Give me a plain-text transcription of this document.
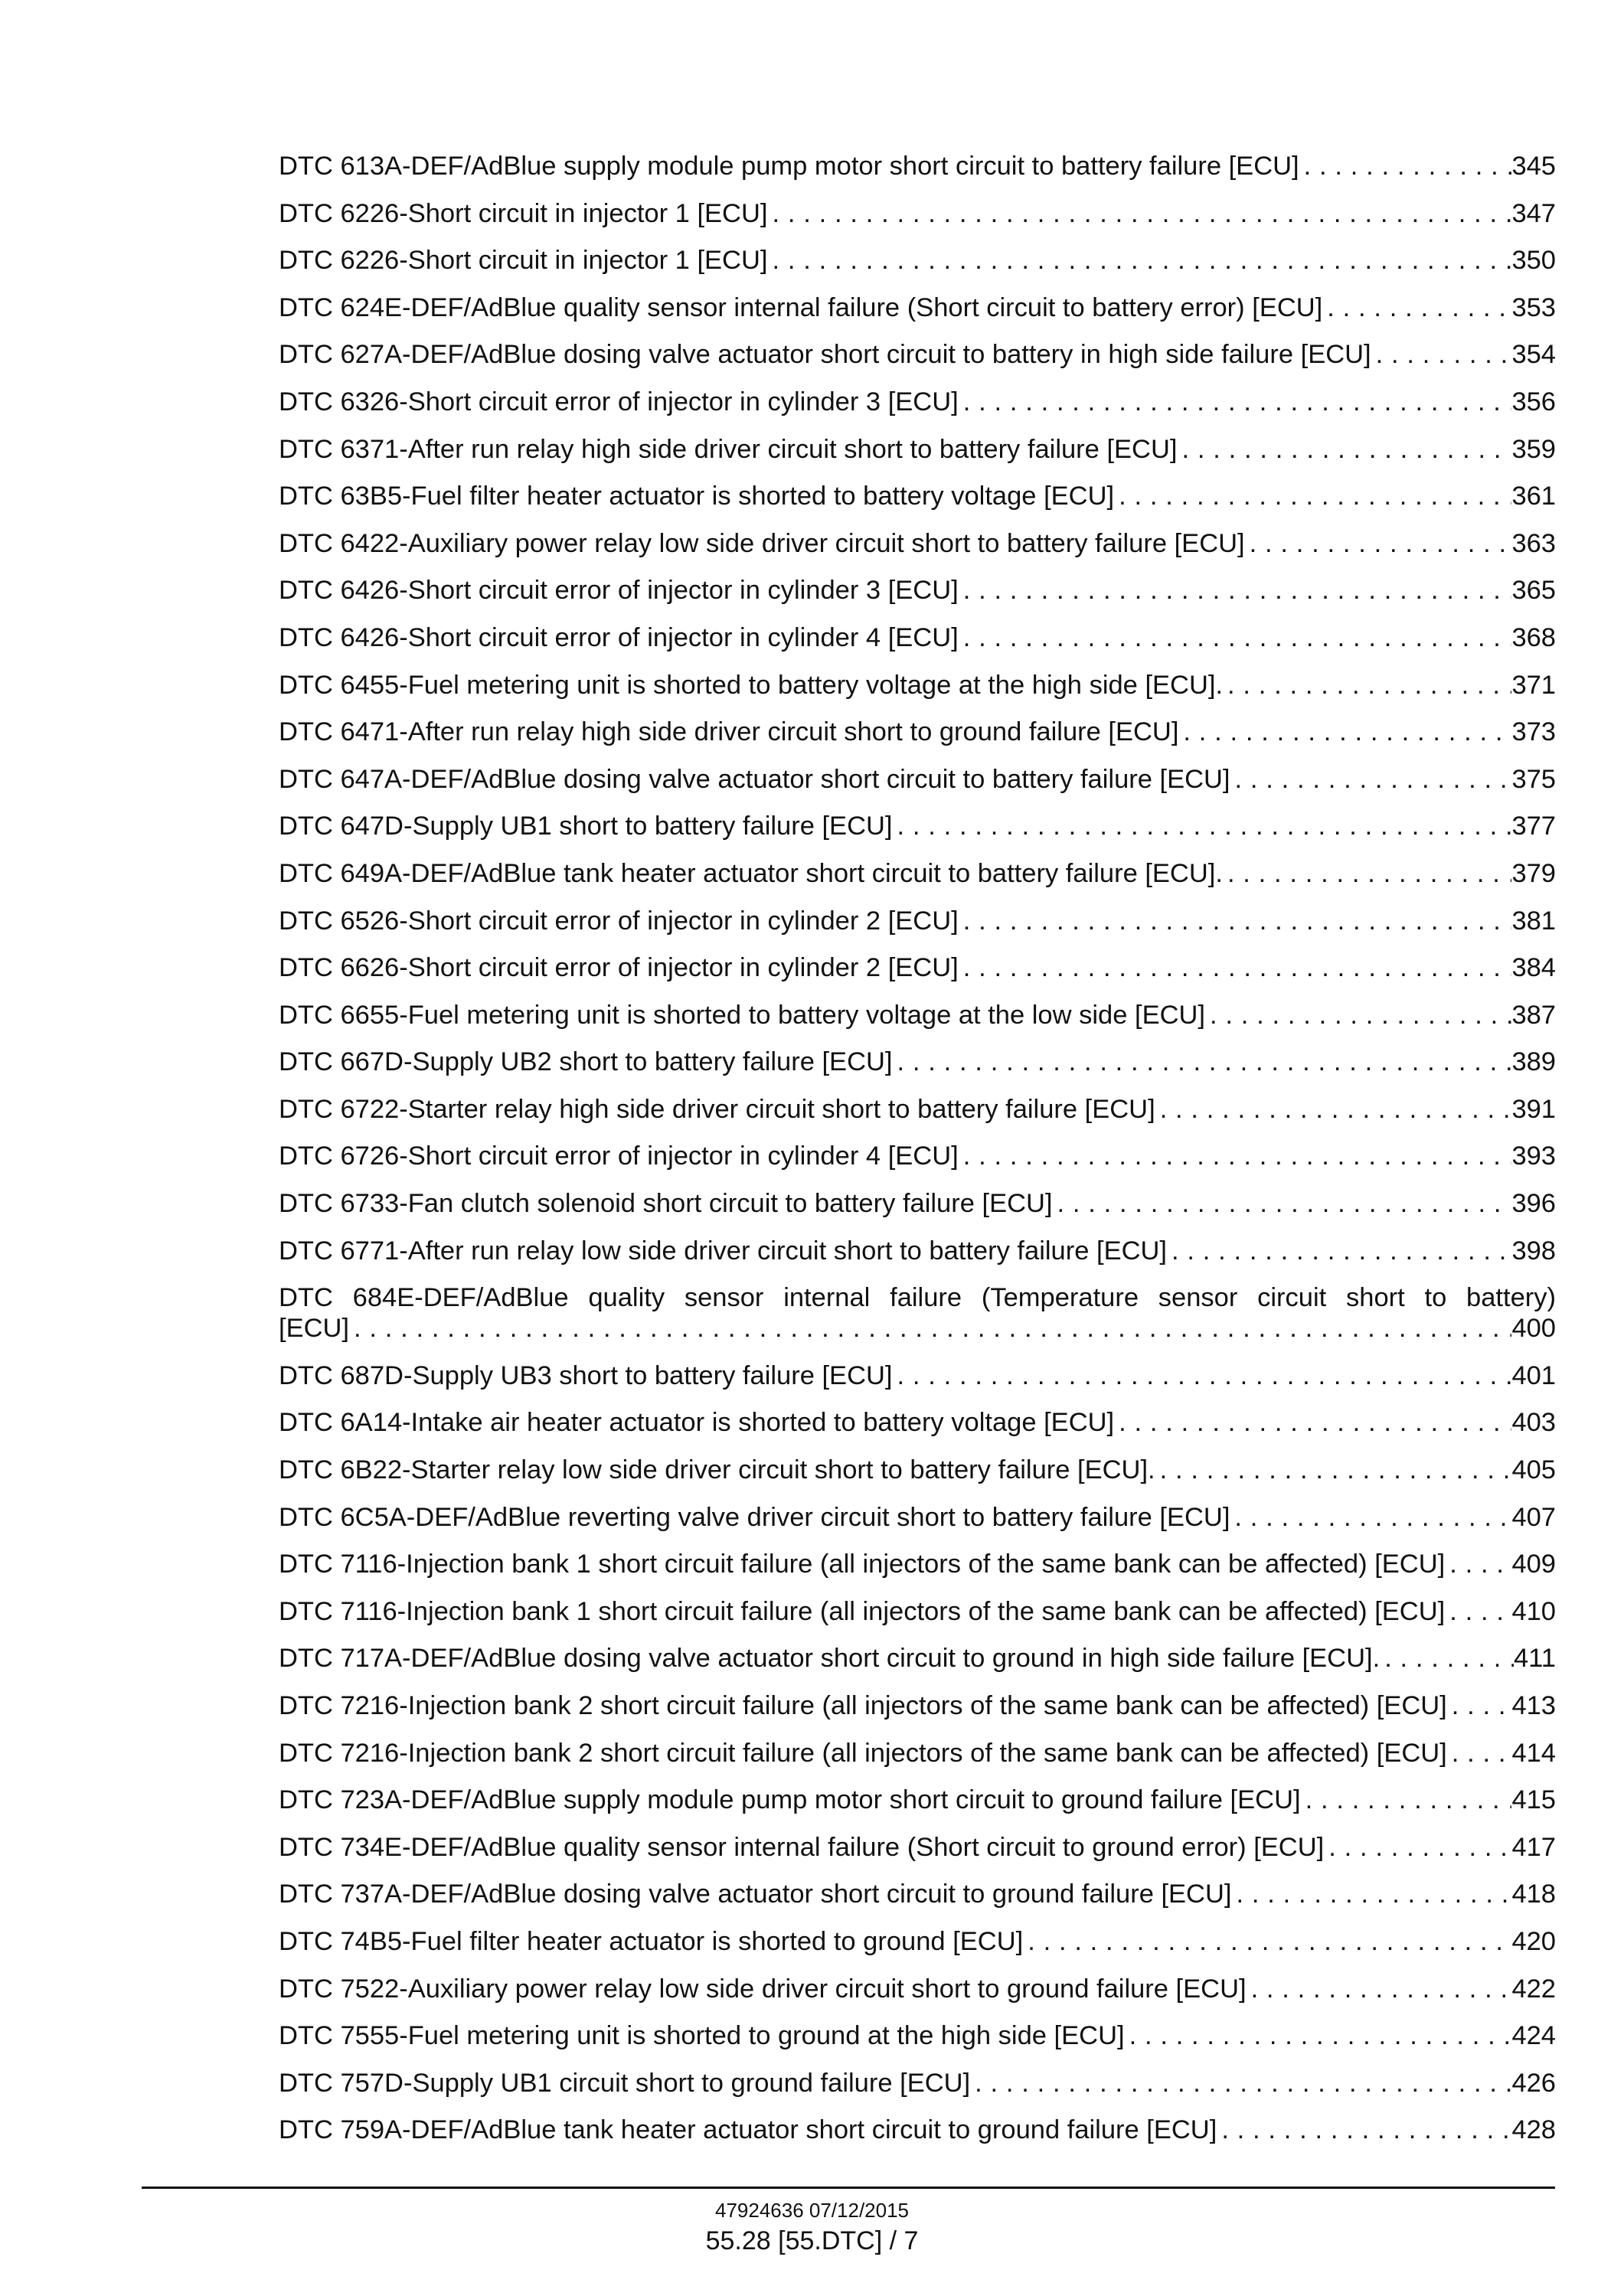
DTC 613A-DEF/AdBlue supply module pump motor short circuit to battery failure [ECU] . . .	345
DTC 6226-Short circuit in injector 1 [ECU] . . .	347
DTC 6226-Short circuit in injector 1 [ECU] . . .	350
DTC 624E-DEF/AdBlue quality sensor internal failure (Short circuit to battery error) [ECU] . . .	353
DTC 627A-DEF/AdBlue dosing valve actuator short circuit to battery in high side failure [ECU] . . .	354
DTC 6326-Short circuit error of injector in cylinder 3 [ECU] . . .	356
DTC 6371-After run relay high side driver circuit short to battery failure [ECU] . . .	359
DTC 63B5-Fuel filter heater actuator is shorted to battery voltage [ECU] . . .	361
DTC 6422-Auxiliary power relay low side driver circuit short to battery failure [ECU] . . .	363
DTC 6426-Short circuit error of injector in cylinder 3 [ECU] . . .	365
DTC 6426-Short circuit error of injector in cylinder 4 [ECU] . . .	368
DTC 6455-Fuel metering unit is shorted to battery voltage at the high side [ECU]. . . .	371
DTC 6471-After run relay high side driver circuit short to ground failure [ECU] . . .	373
DTC 647A-DEF/AdBlue dosing valve actuator short circuit to battery failure [ECU] . . .	375
DTC 647D-Supply UB1 short to battery failure [ECU] . . .	377
DTC 649A-DEF/AdBlue tank heater actuator short circuit to battery failure [ECU]. . . .	379
DTC 6526-Short circuit error of injector in cylinder 2 [ECU] . . .	381
DTC 6626-Short circuit error of injector in cylinder 2 [ECU] . . .	384
DTC 6655-Fuel metering unit is shorted to battery voltage at the low side [ECU] . . .	387
DTC 667D-Supply UB2 short to battery failure [ECU] . . .	389
DTC 6722-Starter relay high side driver circuit short to battery failure [ECU] . . .	391
DTC 6726-Short circuit error of injector in cylinder 4 [ECU] . . .	393
DTC 6733-Fan clutch solenoid short circuit to battery failure [ECU] . . .	396
DTC 6771-After run relay low side driver circuit short to battery failure [ECU] . . .	398
DTC 684E-DEF/AdBlue quality sensor internal failure (Temperature sensor circuit short to battery)
[ECU] . . .	400
DTC 687D-Supply UB3 short to battery failure [ECU] . . .	401
DTC 6A14-Intake air heater actuator is shorted to battery voltage [ECU] . . .	403
DTC 6B22-Starter relay low side driver circuit short to battery failure [ECU]. . . .	405
DTC 6C5A-DEF/AdBlue reverting valve driver circuit short to battery failure [ECU] . . .	407
DTC 7116-Injection bank 1 short circuit failure (all injectors of the same bank can be affected) [ECU] . . .	409
DTC 7116-Injection bank 1 short circuit failure (all injectors of the same bank can be affected) [ECU] . . .	410
DTC 717A-DEF/AdBlue dosing valve actuator short circuit to ground in high side failure [ECU]. . . .	411
DTC 7216-Injection bank 2 short circuit failure (all injectors of the same bank can be affected) [ECU] . . . 413
DTC 7216-Injection bank 2 short circuit failure (all injectors of the same bank can be affected) [ECU] . . . 414
DTC 723A-DEF/AdBlue supply module pump motor short circuit to ground failure [ECU] . . .	415
DTC 734E-DEF/AdBlue quality sensor internal failure (Short circuit to ground error) [ECU] . . .	417
DTC 737A-DEF/AdBlue dosing valve actuator short circuit to ground failure [ECU] . . .	418
DTC 74B5-Fuel filter heater actuator is shorted to ground [ECU] . . .	420
DTC 7522-Auxiliary power relay low side driver circuit short to ground failure [ECU] . . .	422
DTC 7555-Fuel metering unit is shorted to ground at the high side [ECU] . . .	424
DTC 757D-Supply UB1 circuit short to ground failure [ECU] . . .	426
DTC 759A-DEF/AdBlue tank heater actuator short circuit to ground failure [ECU] . . .	428
47924636 07/12/2015
55.28 [55.DTC] / 7
